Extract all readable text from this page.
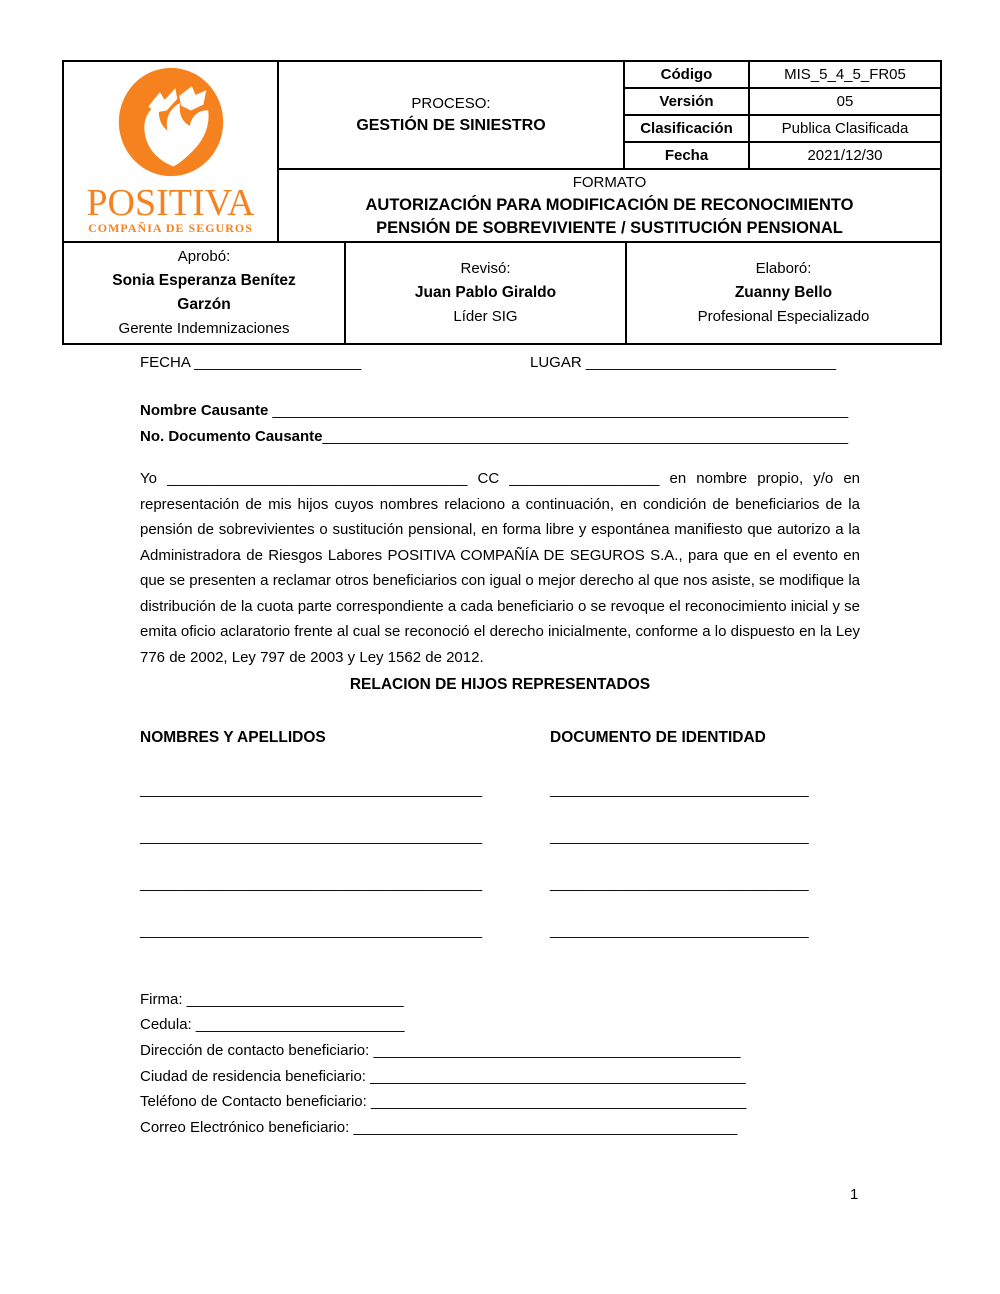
POSITIVA
COMPAÑIA DE SEGUROS

PROCESO:
GESTIÓN DE SINIESTRO
	Código	MIS_5_4_5_FR05
		Versión	05
		Clasificación	Publica Clasificada
		Fecha	2021/12/30

	FORMATO
AUTORIZACIÓN PARA MODIFICACIÓN DE RECONOCIMIENTO
PENSIÓN DE SOBREVIVIENTE / SUSTITUCIÓN PENSIONAL		
Aprobó:
Sonia Esperanza Benítez Garzón
Gerente Indemnizaciones

Revisó:
Juan Pablo Giraldo
Líder SIG

Elaboró:
Zuanny Bello
Profesional Especializado
FECHA ____________________	LUGAR ______________________________
Nombre Causante _____________________________________________________________________
No. Documento Causante_______________________________________________________________
Yo ____________________________________ CC __________________ en nombre propio, y/o en representación de mis hijos cuyos nombres relaciono a continuación, en condición de beneficiarios de la pensión de sobrevivientes o sustitución pensional, en forma libre y espontánea manifiesto que autorizo a la Administradora de Riesgos Labores POSITIVA COMPAÑÍA DE SEGUROS S.A., para que en el evento en que se presenten a reclamar otros beneficiarios con igual o mejor derecho al que nos asiste, se modifique la distribución de la cuota parte correspondiente a cada beneficiario o se revoque el reconocimiento inicial y se emita oficio aclaratorio frente al cual se reconoció el derecho inicialmente, conforme a lo dispuesto en la Ley 776 de 2002, Ley 797 de 2003 y Ley 1562 de 2012.
RELACION DE HIJOS REPRESENTADOS
NOMBRES Y APELLIDOS	DOCUMENTO DE IDENTIDAD
_________________________________________	_______________________________
_________________________________________	_______________________________
_________________________________________	_______________________________
_________________________________________	_______________________________
Firma: __________________________
Cedula: _________________________
Dirección de contacto beneficiario: ____________________________________________
Ciudad de residencia beneficiario: _____________________________________________
Teléfono de Contacto beneficiario: _____________________________________________
Correo Electrónico beneficiario: ______________________________________________
1
